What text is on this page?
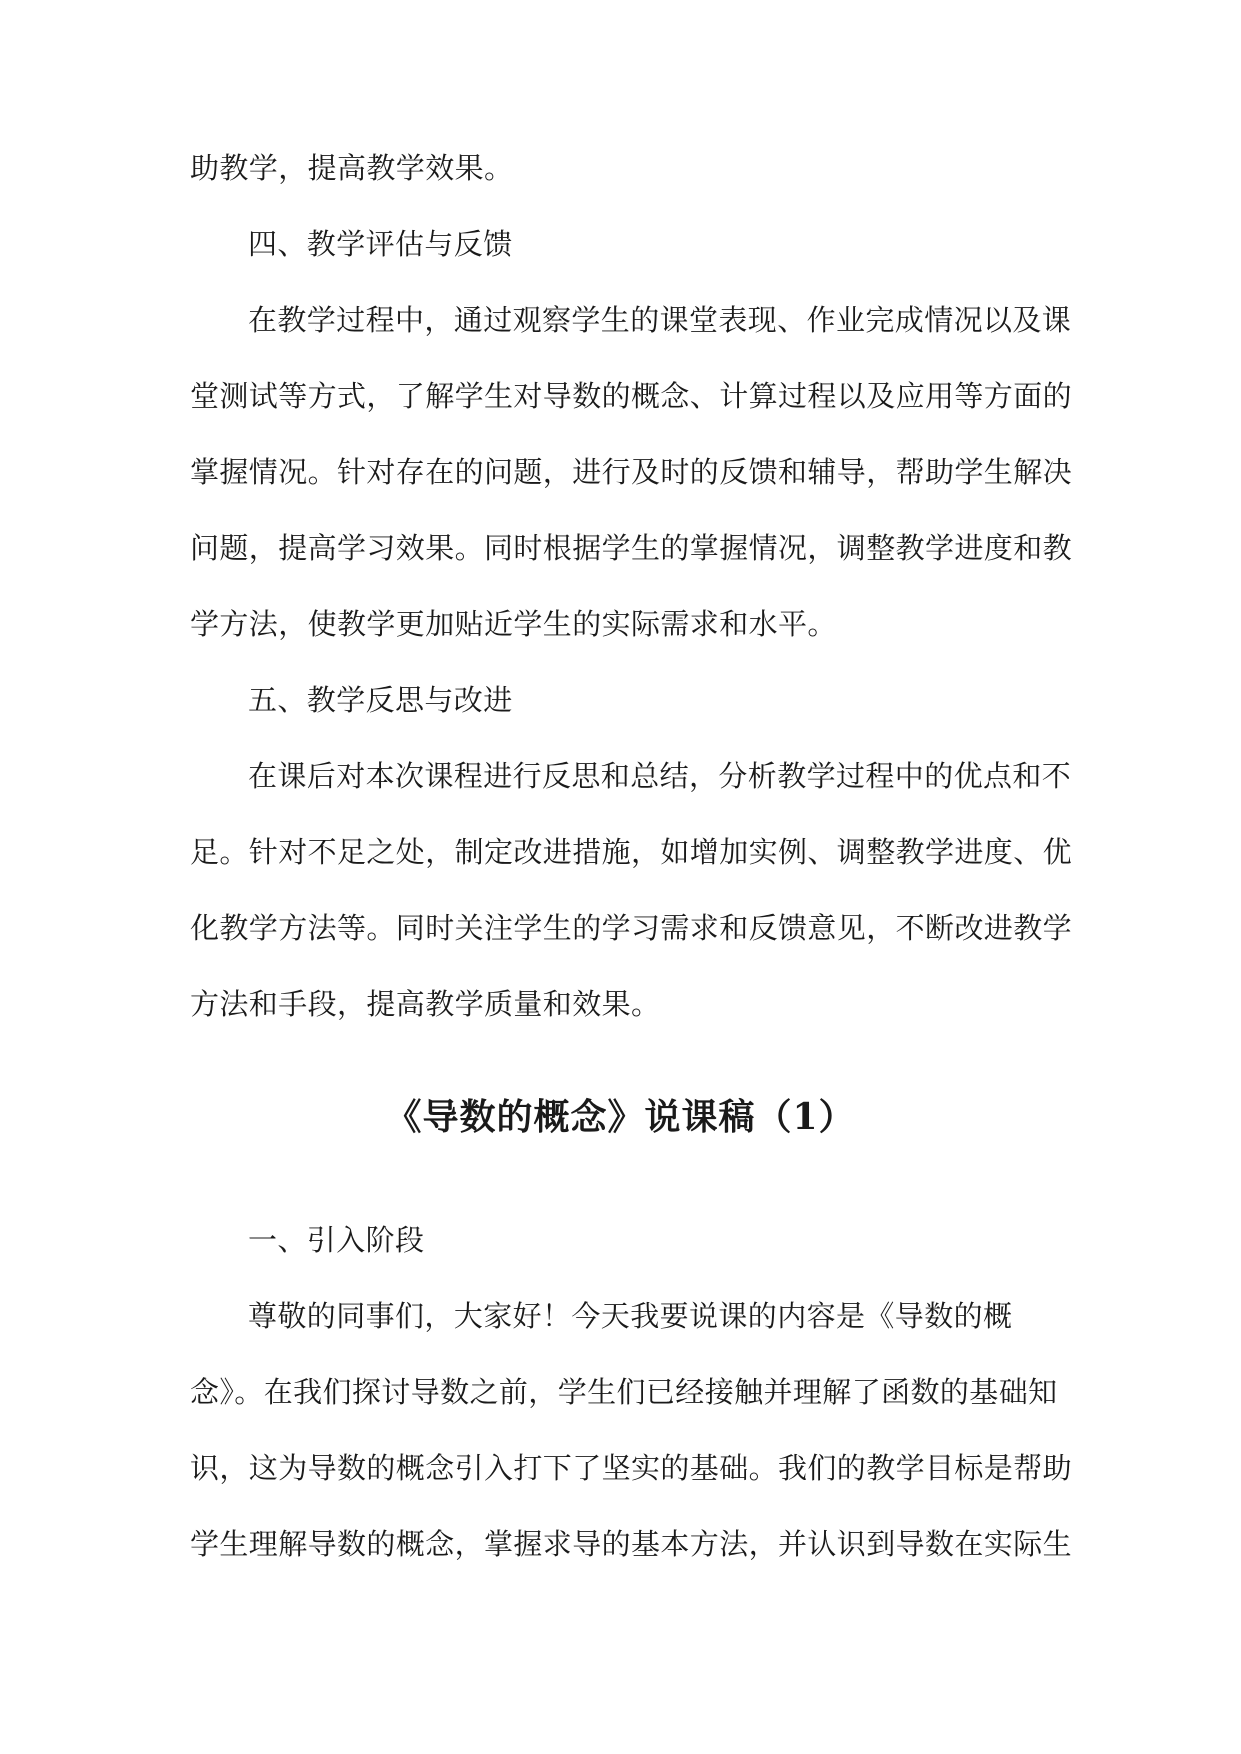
助教学，提高教学效果。
四、教学评估与反馈
在教学过程中，通过观察学生的课堂表现、作业完成情况以及课
堂测试等方式，了解学生对导数的概念、计算过程以及应用等方面的
掌握情况。针对存在的问题，进行及时的反馈和辅导，帮助学生解决
问题，提高学习效果。同时根据学生的掌握情况，调整教学进度和教
学方法，使教学更加贴近学生的实际需求和水平。
五、教学反思与改进
在课后对本次课程进行反思和总结，分析教学过程中的优点和不
足。针对不足之处，制定改进措施，如增加实例、调整教学进度、优
化教学方法等。同时关注学生的学习需求和反馈意见，不断改进教学
方法和手段，提高教学质量和效果。
《导数的概念》说课稿（1）
一、引入阶段
尊敬的同事们，大家好！今天我要说课的内容是《导数的概
念》。在我们探讨导数之前，学生们已经接触并理解了函数的基础知
识，这为导数的概念引入打下了坚实的基础。我们的教学目标是帮助
学生理解导数的概念，掌握求导的基本方法，并认识到导数在实际生
